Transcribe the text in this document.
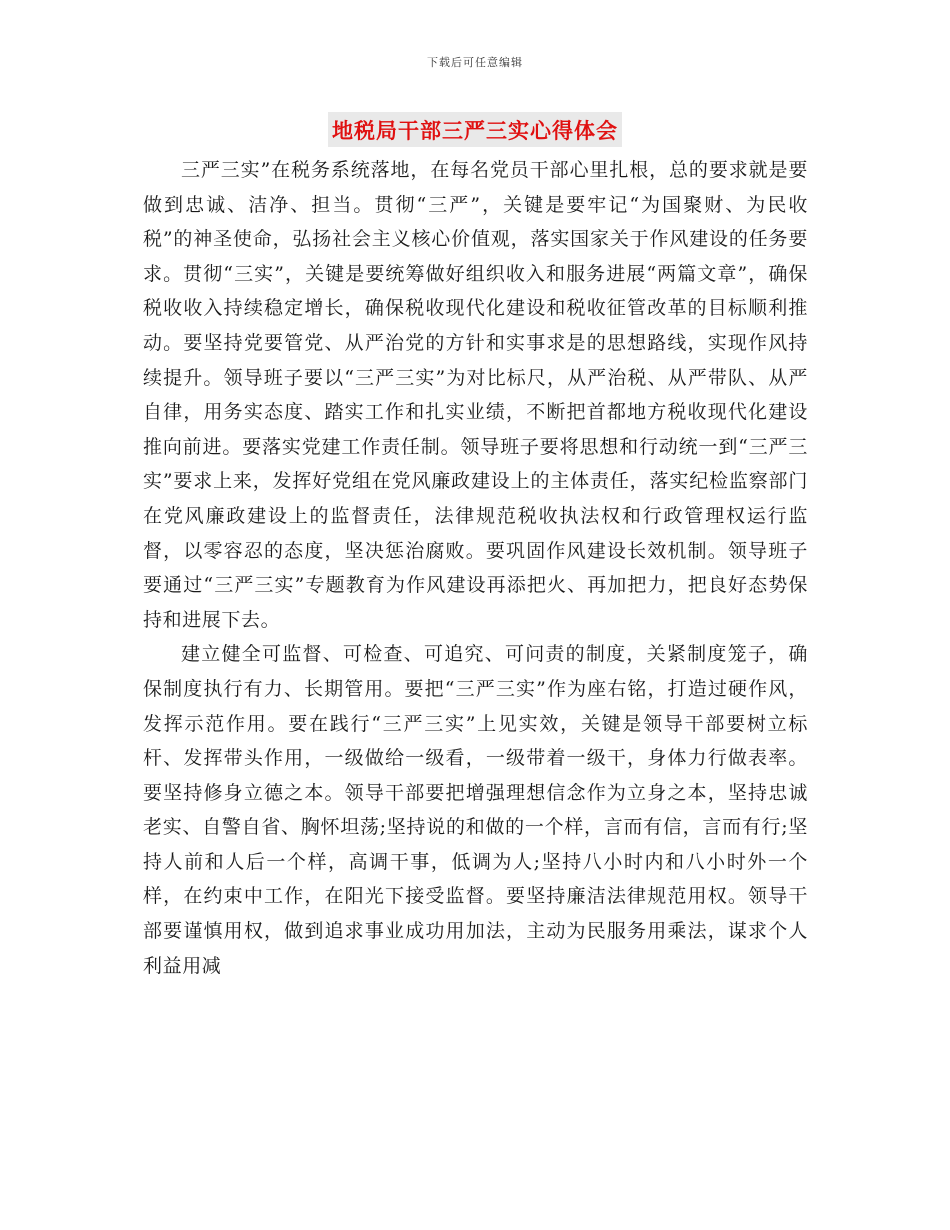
下载后可任意编辑
地税局干部三严三实心得体会

三严三实”在税务系统落地，在每名党员干部心里扎根，总的要求就是要做到忠诚、洁净、担当。贯彻“三严”，关键是要牢记“为国聚财、为民收税”的神圣使命，弘扬社会主义核心价值观，落实国家关于作风建设的任务要求。贯彻“三实”，关键是要统筹做好组织收入和服务进展“两篇文章”，确保税收收入持续稳定增长，确保税收现代化建设和税收征管改革的目标顺利推动。要坚持党要管党、从严治党的方针和实事求是的思想路线，实现作风持续提升。领导班子要以“三严三实”为对比标尺，从严治税、从严带队、从严自律，用务实态度、踏实工作和扎实业绩，不断把首都地方税收现代化建设推向前进。要落实党建工作责任制。领导班子要将思想和行动统一到“三严三实”要求上来，发挥好党组在党风廉政建设上的主体责任，落实纪检监察部门在党风廉政建设上的监督责任，法律规范税收执法权和行政管理权运行监督，以零容忍的态度，坚决惩治腐败。要巩固作风建设长效机制。领导班子要通过“三严三实”专题教育为作风建设再添把火、再加把力，把良好态势保持和进展下去。

建立健全可监督、可检查、可追究、可问责的制度，关紧制度笼子，确保制度执行有力、长期管用。要把“三严三实”作为座右铭，打造过硬作风，发挥示范作用。要在践行“三严三实”上见实效，关键是领导干部要树立标杆、发挥带头作用，一级做给一级看，一级带着一级干，身体力行做表率。要坚持修身立德之本。领导干部要把增强理想信念作为立身之本，坚持忠诚老实、自警自省、胸怀坦荡;坚持说的和做的一个样，言而有信，言而有行;坚持人前和人后一个样，高调干事，低调为人;坚持八小时内和八小时外一个样，在约束中工作，在阳光下接受监督。要坚持廉洁法律规范用权。领导干部要谨慎用权，做到追求事业成功用加法，主动为民服务用乘法，谋求个人利益用减
